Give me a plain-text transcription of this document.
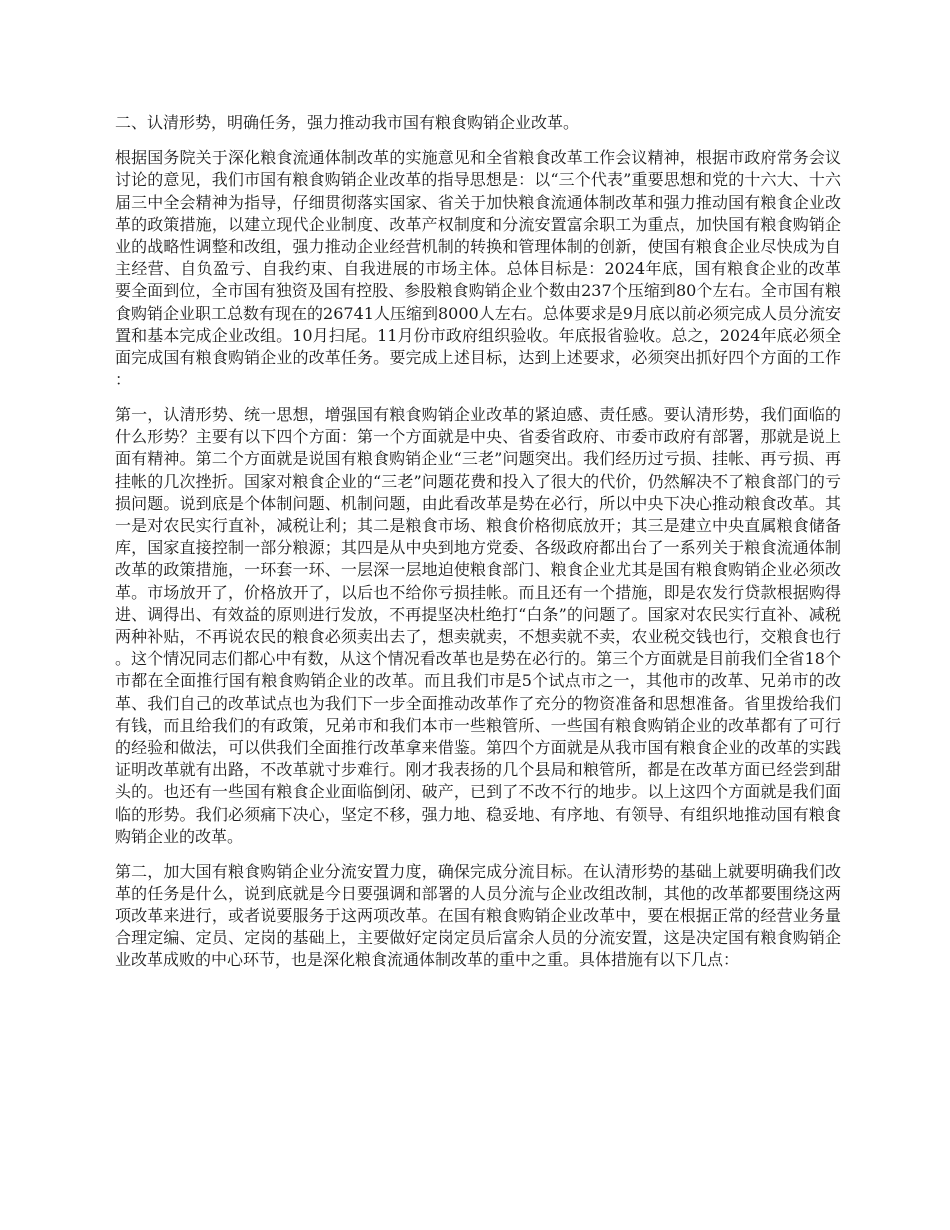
二、认清形势，明确任务，强力推动我市国有粮食购销企业改革。

根据国务院关于深化粮食流通体制改革的实施意见和全省粮食改革工作会议精神，根据市政府常务会议讨论的意见，我们市国有粮食购销企业改革的指导思想是：以“三个代表”重要思想和党的十六大、十六届三中全会精神为指导，仔细贯彻落实国家、省关于加快粮食流通体制改革和强力推动国有粮食企业改革的政策措施，以建立现代企业制度、改革产权制度和分流安置富余职工为重点，加快国有粮食购销企业的战略性调整和改组，强力推动企业经营机制的转换和管理体制的创新，使国有粮食企业尽快成为自主经营、自负盈亏、自我约束、自我进展的市场主体。总体目标是：2024年底，国有粮食企业的改革要全面到位，全市国有独资及国有控股、参股粮食购销企业个数由237个压缩到80个左右。全市国有粮食购销企业职工总数有现在的26741人压缩到8000人左右。总体要求是9月底以前必须完成人员分流安置和基本完成企业改组。10月扫尾。11月份市政府组织验收。年底报省验收。总之，2024年底必须全面完成国有粮食购销企业的改革任务。要完成上述目标，达到上述要求，必须突出抓好四个方面的工作：

第一，认清形势、统一思想，增强国有粮食购销企业改革的紧迫感、责任感。要认清形势，我们面临的什么形势？主要有以下四个方面：第一个方面就是中央、省委省政府、市委市政府有部署，那就是说上面有精神。第二个方面就是说国有粮食购销企业“三老”问题突出。我们经历过亏损、挂帐、再亏损、再挂帐的几次挫折。国家对粮食企业的“三老”问题花费和投入了很大的代价，仍然解决不了粮食部门的亏损问题。说到底是个体制问题、机制问题，由此看改革是势在必行，所以中央下决心推动粮食改革。其一是对农民实行直补，减税让利；其二是粮食市场、粮食价格彻底放开；其三是建立中央直属粮食储备库，国家直接控制一部分粮源；其四是从中央到地方党委、各级政府都出台了一系列关于粮食流通体制改革的政策措施，一环套一环、一层深一层地迫使粮食部门、粮食企业尤其是国有粮食购销企业必须改革。市场放开了，价格放开了，以后也不给你亏损挂帐。而且还有一个措施，即是农发行贷款根据购得进、调得出、有效益的原则进行发放，不再提坚决杜绝打“白条”的问题了。国家对农民实行直补、减税两种补贴，不再说农民的粮食必须卖出去了，想卖就卖，不想卖就不卖，农业税交钱也行，交粮食也行。这个情况同志们都心中有数，从这个情况看改革也是势在必行的。第三个方面就是目前我们全省18个市都在全面推行国有粮食购销企业的改革。而且我们市是5个试点市之一，其他市的改革、兄弟市的改革、我们自己的改革试点也为我们下一步全面推动改革作了充分的物资准备和思想准备。省里拨给我们有钱，而且给我们的有政策，兄弟市和我们本市一些粮管所、一些国有粮食购销企业的改革都有了可行的经验和做法，可以供我们全面推行改革拿来借鉴。第四个方面就是从我市国有粮食企业的改革的实践证明改革就有出路，不改革就寸步难行。刚才我表扬的几个县局和粮管所，都是在改革方面已经尝到甜头的。也还有一些国有粮食企业面临倒闭、破产，已到了不改不行的地步。以上这四个方面就是我们面临的形势。我们必须痛下决心，坚定不移，强力地、稳妥地、有序地、有领导、有组织地推动国有粮食购销企业的改革。

第二，加大国有粮食购销企业分流安置力度，确保完成分流目标。在认清形势的基础上就要明确我们改革的任务是什么，说到底就是今日要强调和部署的人员分流与企业改组改制，其他的改革都要围绕这两项改革来进行，或者说要服务于这两项改革。在国有粮食购销企业改革中，要在根据正常的经营业务量合理定编、定员、定岗的基础上，主要做好定岗定员后富余人员的分流安置，这是决定国有粮食购销企业改革成败的中心环节，也是深化粮食流通体制改革的重中之重。具体措施有以下几点：
